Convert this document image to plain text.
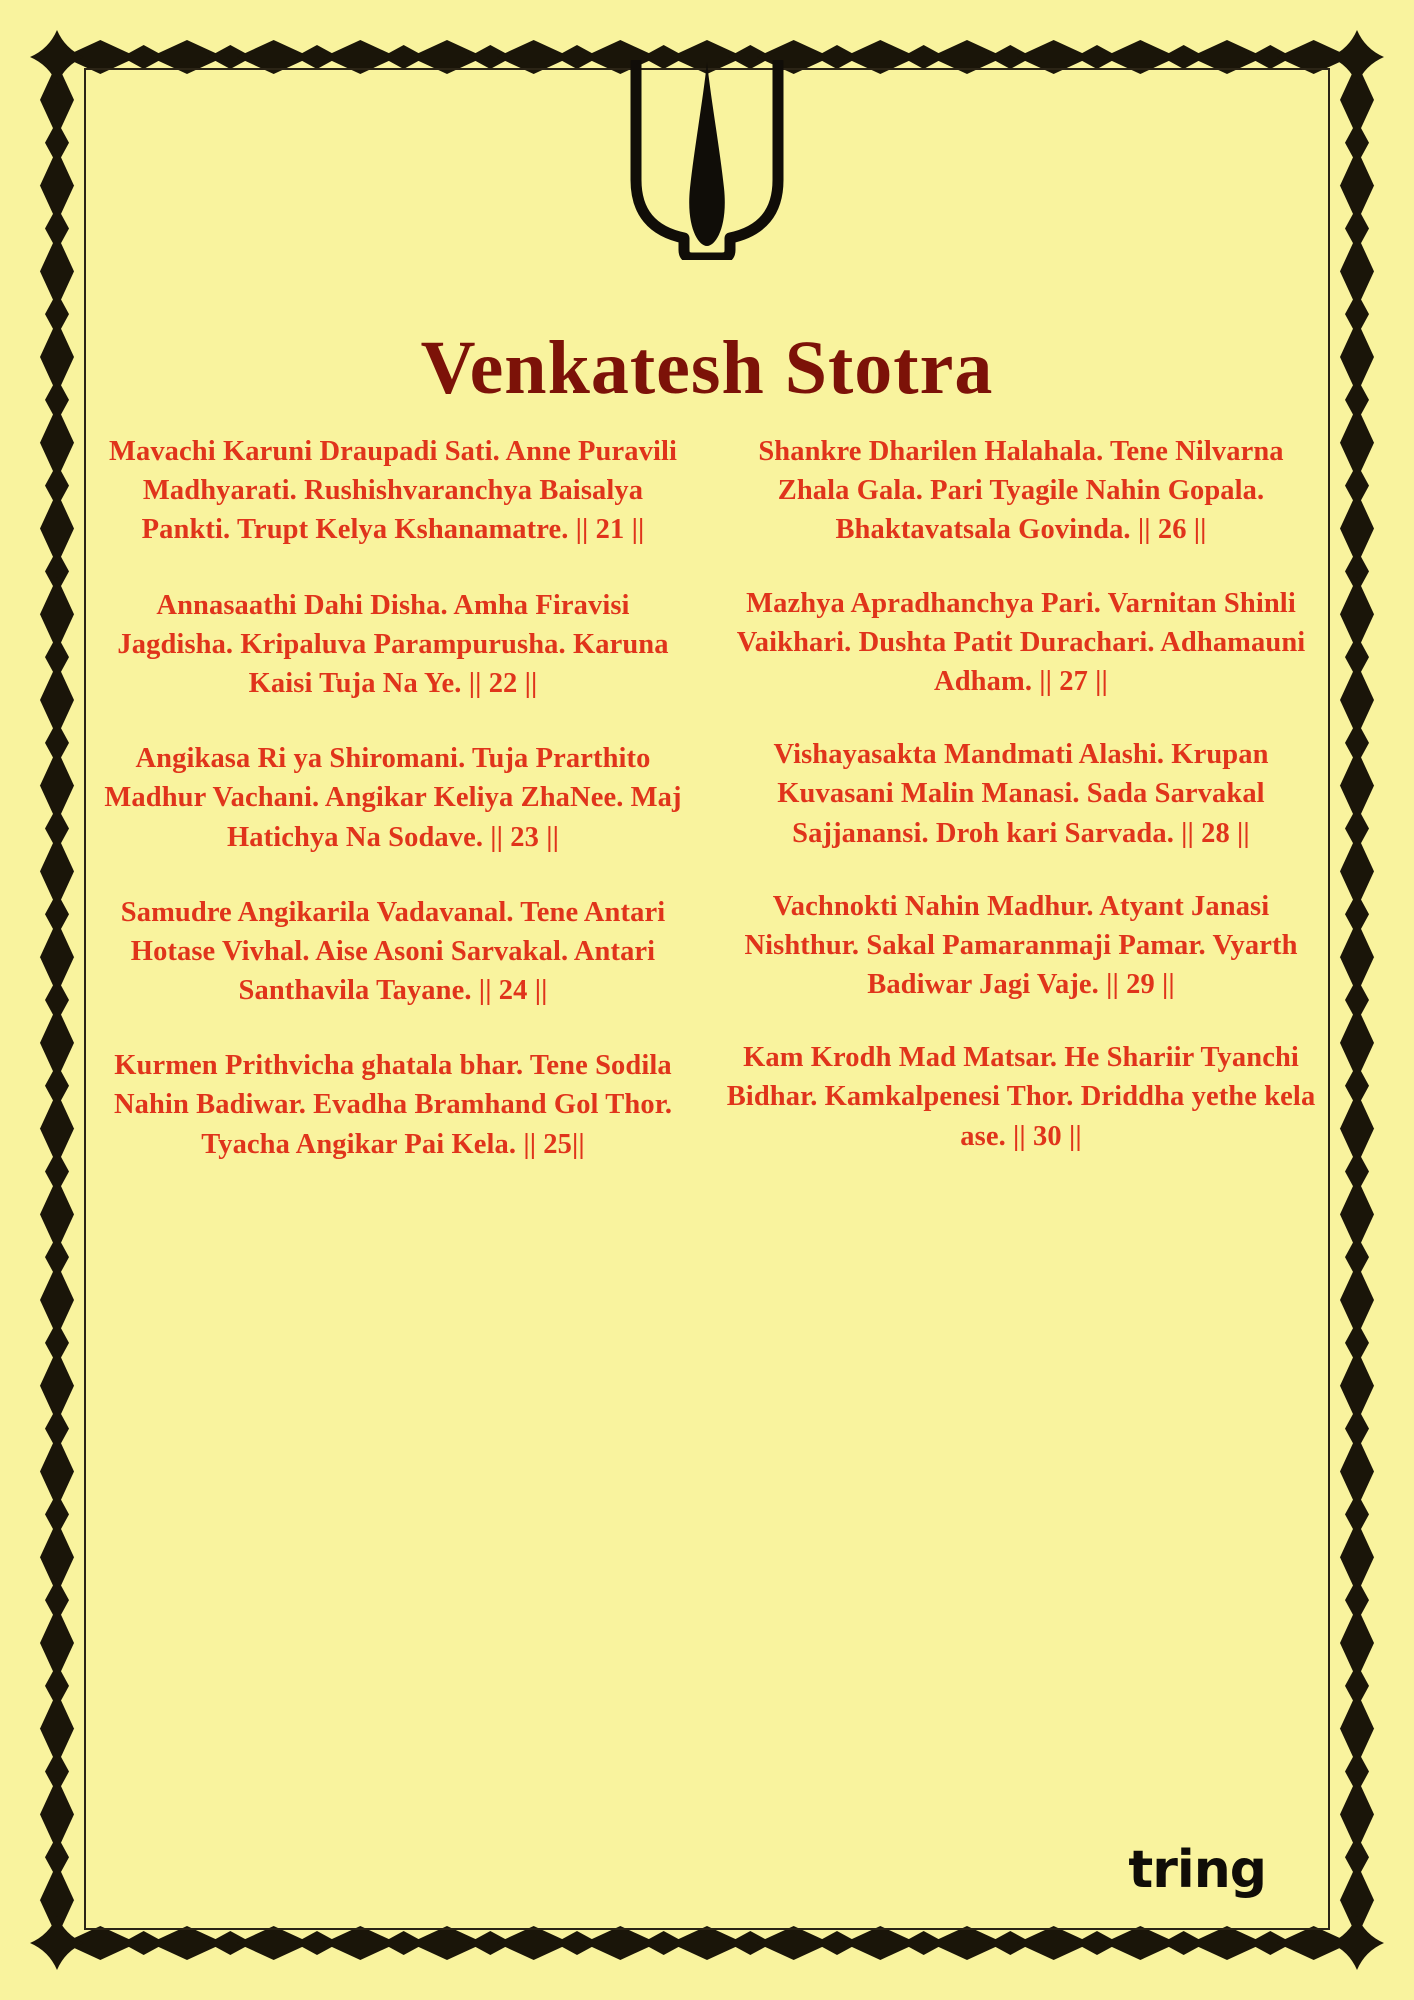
Venkatesh Stotra

Mavachi Karuni Draupadi Sati. Anne Puravili Madhyarati. Rushishvaranchya Baisalya Pankti. Trupt Kelya Kshanamatre. || 21 ||

Annasaathi Dahi Disha. Amha Firavisi Jagdisha. Kripaluva Parampurusha. Karuna Kaisi Tuja Na Ye. || 22 ||

Angikasa Ri ya Shiromani. Tuja Prarthito Madhur Vachani. Angikar Keliya ZhaNee. Maj Hatichya Na Sodave. || 23 ||

Samudre Angikarila Vadavanal. Tene Antari Hotase Vivhal. Aise Asoni Sarvakal. Antari Santhavila Tayane. || 24 ||

Kurmen Prithvicha ghatala bhar. Tene Sodila Nahin Badiwar. Evadha Bramhand Gol Thor. Tyacha Angikar Pai Kela. || 25||

Shankre Dharilen Halahala. Tene Nilvarna Zhala Gala. Pari Tyagile Nahin Gopala. Bhaktavatsala Govinda. || 26 ||

Mazhya Apradhanchya Pari. Varnitan Shinli Vaikhari. Dushta Patit Durachari. Adhamauni Adham. || 27 ||

Vishayasakta Mandmati Alashi. Krupan Kuvasani Malin Manasi. Sada Sarvakal Sajjanansi. Droh kari Sarvada. || 28 ||

Vachnokti Nahin Madhur. Atyant Janasi Nishthur. Sakal Pamaranmaji Pamar. Vyarth Badiwar Jagi Vaje. || 29 ||

Kam Krodh Mad Matsar. He Shariir Tyanchi Bidhar. Kamkalpenesi Thor. Driddha yethe kela ase. || 30 ||

tring
